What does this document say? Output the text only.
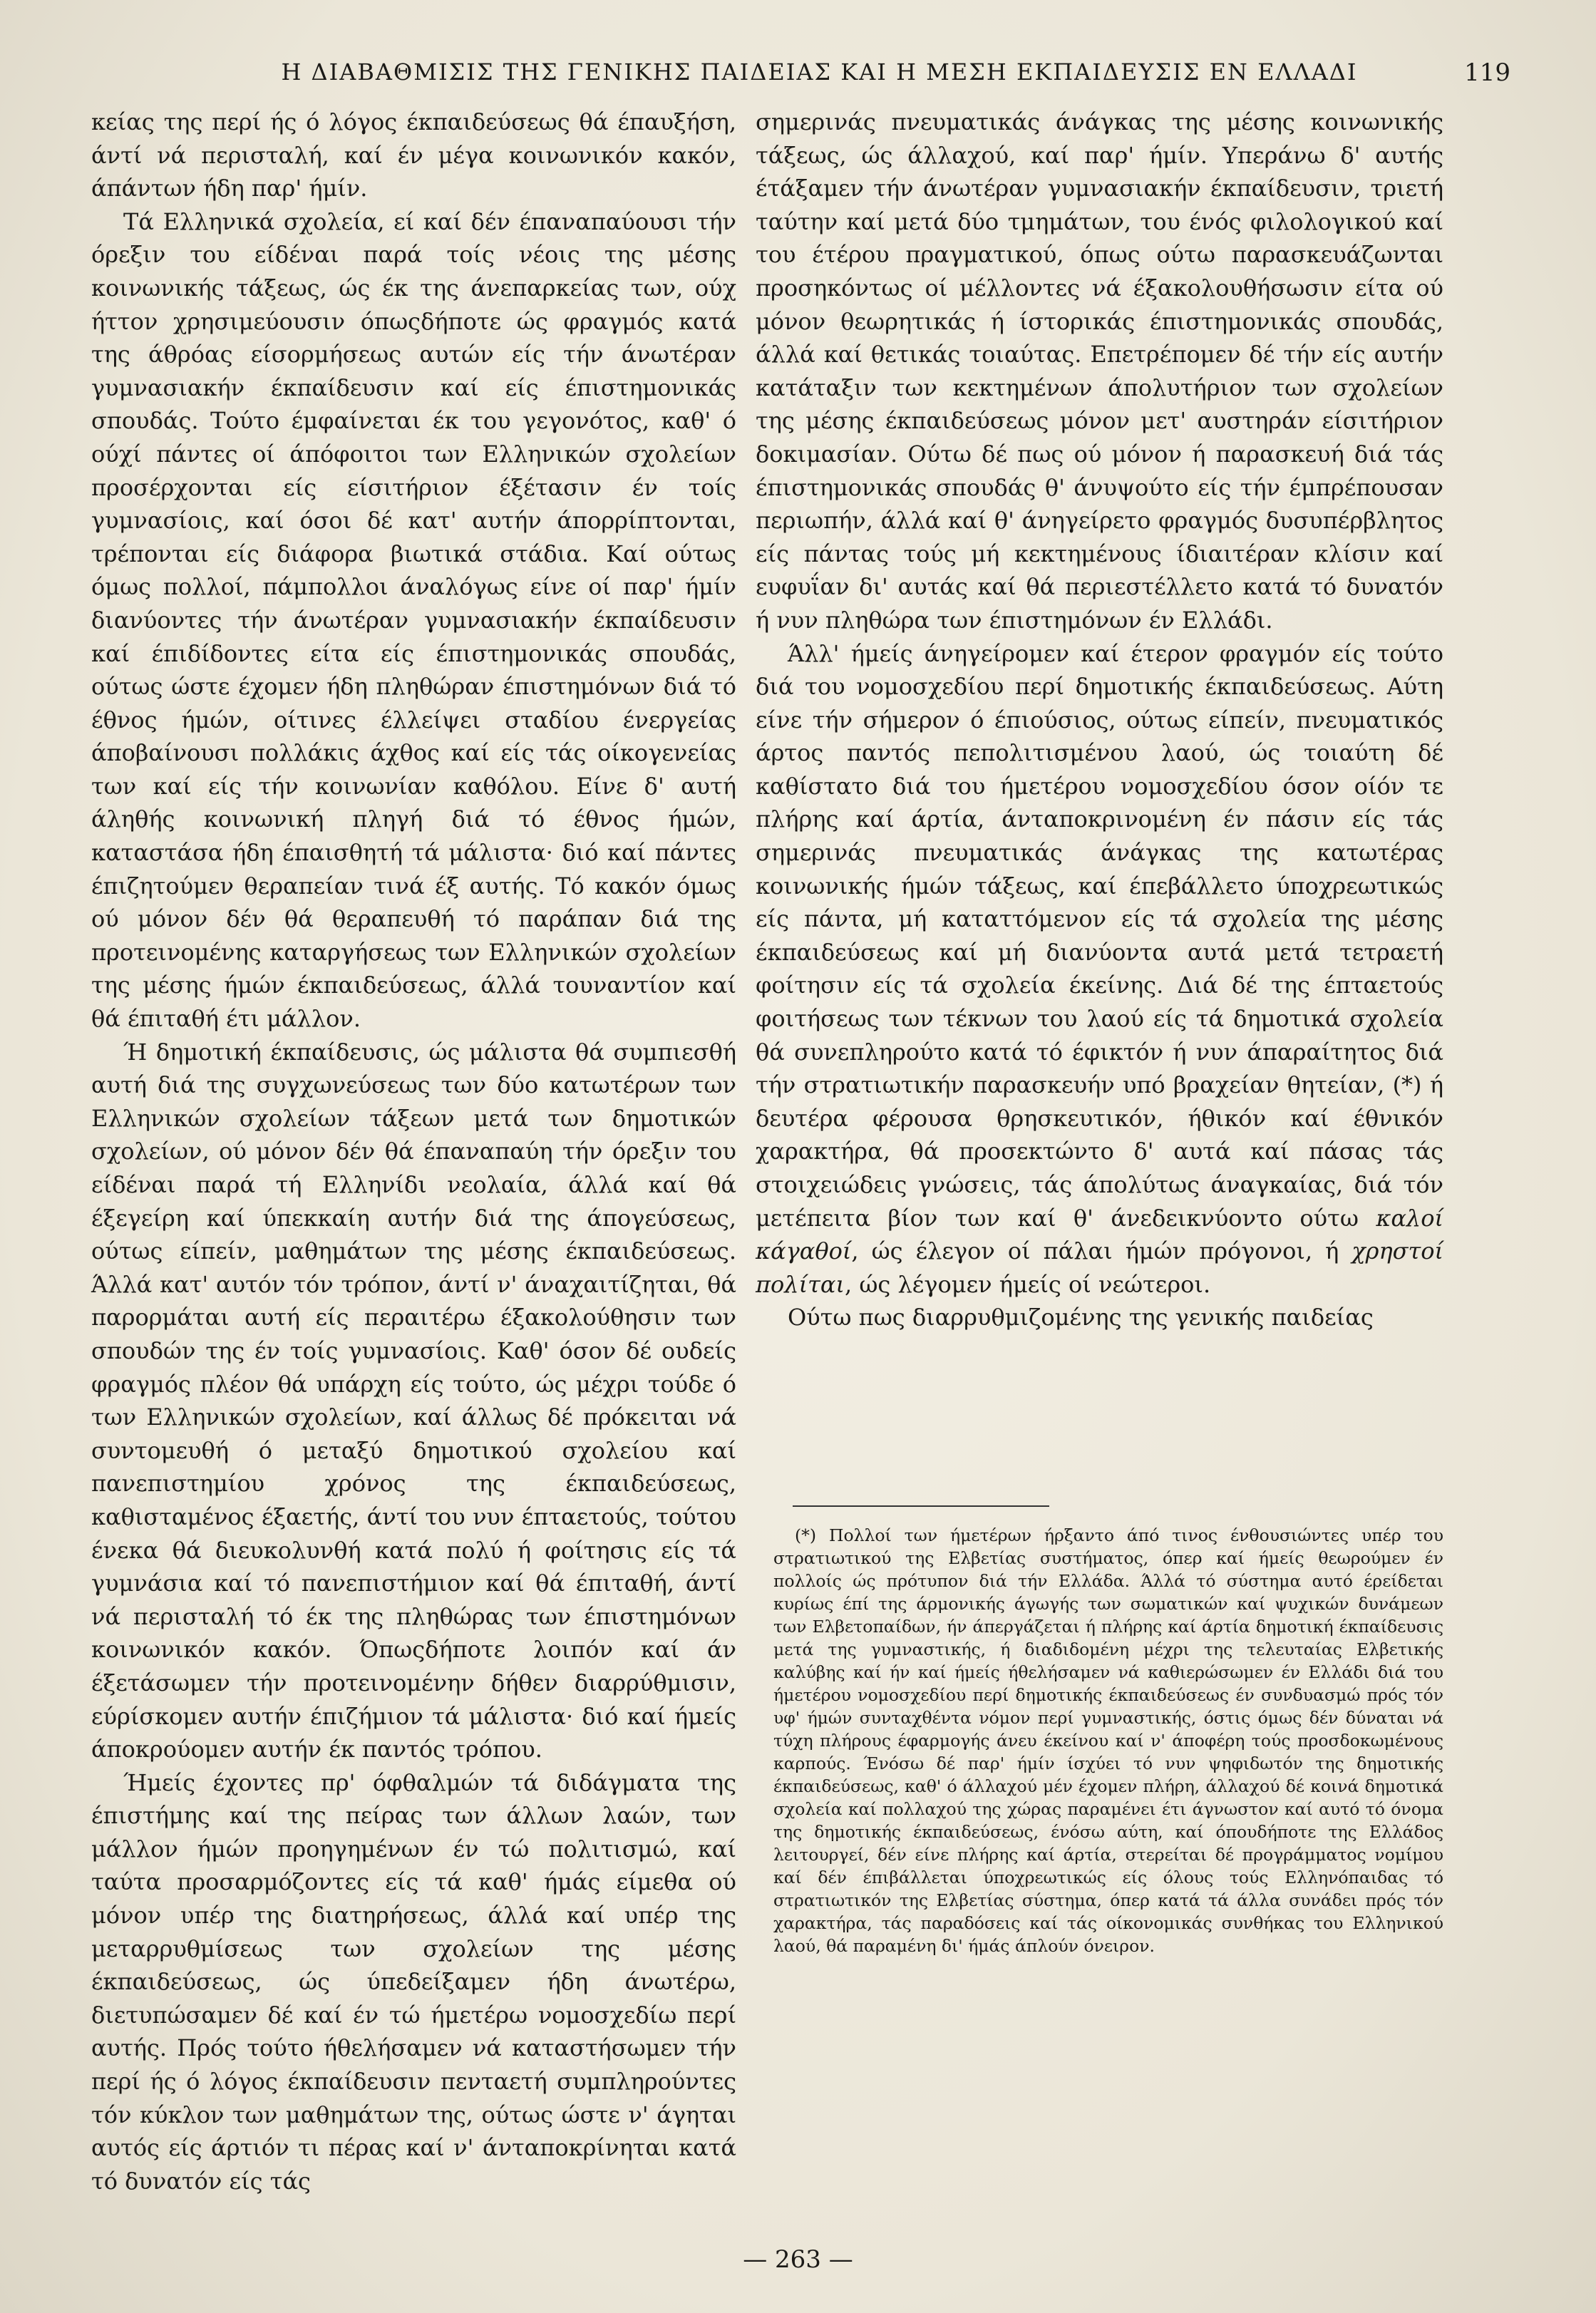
Η ΔΙΑΒΑΘΜΙΣΙΣ ΤΗΣ ΓΕΝΙΚΗΣ ΠΑΙΔΕΙΑΣ ΚΑΙ Η ΜΕΣΗ ΕΚΠΑΙΔΕΥΣΙΣ ΕΝ ΕΛΛΑΔΙ	119

κείας της περί ής ό λόγος έκπαιδεύσεως θά έπαυξήση, άντί νά περισταλή, καί έν μέγα κοινωνικόν κακόν, άπάντων ήδη παρ' ήμίν.

Τά Ελληνικά σχολεία, εί καί δέν έπαναπαύουσι τήν όρεξιν του είδέναι παρά τοίς νέοις της μέσης κοινωνικής τάξεως, ώς έκ της άνεπαρκείας των, ούχ ήττον χρησιμεύουσιν όπωςδήποτε ώς φραγμός κατά της άθρόας είσορμήσεως αυτών είς τήν άνωτέραν γυμνασιακήν έκπαίδευσιν καί είς έπιστημονικάς σπουδάς. Τούτο έμφαίνεται έκ του γεγονότος, καθ' ό ούχί πάντες οί άπόφοιτοι των Ελληνικών σχολείων προσέρχονται είς είσιτήριον έξέτασιν έν τοίς γυμνασίοις, καί όσοι δέ κατ' αυτήν άπορρίπτονται, τρέπονται είς διάφορα βιωτικά στάδια. Καί ούτως όμως πολλοί, πάμπολλοι άναλόγως είνε οί παρ' ήμίν διανύοντες τήν άνωτέραν γυμνασιακήν έκπαίδευσιν καί έπιδίδοντες είτα είς έπιστημονικάς σπουδάς, ούτως ώστε έχομεν ήδη πληθώραν έπιστημόνων διά τό έθνος ήμών, οίτινες έλλείψει σταδίου ένεργείας άποβαίνουσι πολλάκις άχθος καί είς τάς οίκογενείας των καί είς τήν κοινωνίαν καθόλου. Είνε δ' αυτή άληθής κοινωνική πληγή διά τό έθνος ήμών, καταστάσα ήδη έπαισθητή τά μάλιστα· διό καί πάντες έπιζητούμεν θεραπείαν τινά έξ αυτής. Τό κακόν όμως ού μόνον δέν θά θεραπευθή τό παράπαν διά της προτεινομένης καταργήσεως των Ελληνικών σχολείων της μέσης ήμών έκπαιδεύσεως, άλλά τουναντίον καί θά έπιταθή έτι μάλλον.

Ή δημοτική έκπαίδευσις, ώς μάλιστα θά συμπιεσθή αυτή διά της συγχωνεύσεως των δύο κατωτέρων των Ελληνικών σχολείων τάξεων μετά των δημοτικών σχολείων, ού μόνον δέν θά έπαναπαύη τήν όρεξιν του είδέναι παρά τή Ελληνίδι νεολαία, άλλά καί θά έξεγείρη καί ύπεκκαίη αυτήν διά της άπογεύσεως, ούτως είπείν, μαθημάτων της μέσης έκπαιδεύσεως. Άλλά κατ' αυτόν τόν τρόπον, άντί ν' άναχαιτίζηται, θά παρορμάται αυτή είς περαιτέρω έξακολούθησιν των σπουδών της έν τοίς γυμνασίοις. Καθ' όσον δέ ουδείς φραγμός πλέον θά υπάρχη είς τούτο, ώς μέχρι τούδε ό των Ελληνικών σχολείων, καί άλλως δέ πρόκειται νά συντομευθή ό μεταξύ δημοτικού σχολείου καί πανεπιστημίου χρόνος της έκπαιδεύσεως, καθισταμένος έξαετής, άντί του νυν έπταετούς, τούτου ένεκα θά διευκολυνθή κατά πολύ ή φοίτησις είς τά γυμνάσια καί τό πανεπιστήμιον καί θά έπιταθή, άντί νά περισταλή τό έκ της πληθώρας των έπιστημόνων κοινωνικόν κακόν. Όπωςδήποτε λοιπόν καί άν έξετάσωμεν τήν προτεινομένην δήθεν διαρρύθμισιν, εύρίσκομεν αυτήν έπιζήμιον τά μάλιστα· διό καί ήμείς άποκρούομεν αυτήν έκ παντός τρόπου.

Ήμείς έχοντες πρ' όφθαλμών τά διδάγματα της έπιστήμης καί της πείρας των άλλων λαών, των μάλλον ήμών προηγημένων έν τώ πολιτισμώ, καί ταύτα προσαρμόζοντες είς τά καθ' ήμάς είμεθα ού μόνον υπέρ της διατηρήσεως, άλλά καί υπέρ της μεταρρυθμίσεως των σχολείων της μέσης έκπαιδεύσεως, ώς ύπεδείξαμεν ήδη άνωτέρω, διετυπώσαμεν δέ καί έν τώ ήμετέρω νομοσχεδίω περί αυτής. Πρός τούτο ήθελήσαμεν νά καταστήσωμεν τήν περί ής ό λόγος έκπαίδευσιν πενταετή συμπληρούντες τόν κύκλον των μαθημάτων της, ούτως ώστε ν' άγηται αυτός είς άρτιόν τι πέρας καί ν' άνταποκρίνηται κατά τό δυνατόν είς τάς

σημερινάς πνευματικάς άνάγκας της μέσης κοινωνικής τάξεως, ώς άλλαχού, καί παρ' ήμίν. Υπεράνω δ' αυτής έτάξαμεν τήν άνωτέραν γυμνασιακήν έκπαίδευσιν, τριετή ταύτην καί μετά δύο τμημάτων, του ένός φιλολογικού καί του έτέρου πραγματικού, όπως ούτω παρασκευάζωνται προσηκόντως οί μέλλοντες νά έξακολουθήσωσιν είτα ού μόνον θεωρητικάς ή ίστορικάς έπιστημονικάς σπουδάς, άλλά καί θετικάς τοιαύτας. Επετρέπομεν δέ τήν είς αυτήν κατάταξιν των κεκτημένων άπολυτήριον των σχολείων της μέσης έκπαιδεύσεως μόνον μετ' αυστηράν είσιτήριον δοκιμασίαν. Ούτω δέ πως ού μόνον ή παρασκευή διά τάς έπιστημονικάς σπουδάς θ' άνυψούτο είς τήν έμπρέπουσαν περιωπήν, άλλά καί θ' άνηγείρετο φραγμός δυσυπέρβλητος είς πάντας τούς μή κεκτημένους ίδιαιτέραν κλίσιν καί ευφυΐαν δι' αυτάς καί θά περιεστέλλετο κατά τό δυνατόν ή νυν πληθώρα των έπιστημόνων έν Ελλάδι.

Άλλ' ήμείς άνηγείρομεν καί έτερον φραγμόν είς τούτο διά του νομοσχεδίου περί δημοτικής έκπαιδεύσεως. Αύτη είνε τήν σήμερον ό έπιούσιος, ούτως είπείν, πνευματικός άρτος παντός πεπολιτισμένου λαού, ώς τοιαύτη δέ καθίστατο διά του ήμετέρου νομοσχεδίου όσον οίόν τε πλήρης καί άρτία, άνταποκρινομένη έν πάσιν είς τάς σημερινάς πνευματικάς άνάγκας της κατωτέρας κοινωνικής ήμών τάξεως, καί έπεβάλλετο ύποχρεωτικώς είς πάντα, μή καταττόμενον είς τά σχολεία της μέσης έκπαιδεύσεως καί μή διανύοντα αυτά μετά τετραετή φοίτησιν είς τά σχολεία έκείνης. Διά δέ της έπταετούς φοιτήσεως των τέκνων του λαού είς τά δημοτικά σχολεία θά συνεπληρούτο κατά τό έφικτόν ή νυν άπαραίτητος διά τήν στρατιωτικήν παρασκευήν υπό βραχείαν θητείαν, (*) ή δευτέρα φέρουσα θρησκευτικόν, ήθικόν καί έθνικόν χαρακτήρα, θά προσεκτώντο δ' αυτά καί πάσας τάς στοιχειώδεις γνώσεις, τάς άπολύτως άναγκαίας, διά τόν μετέπειτα βίον των καί θ' άνεδεικνύοντο ούτω καλοί κάγαθοί, ώς έλεγον οί πάλαι ήμών πρόγονοι, ή χρηστοί πολίται, ώς λέγομεν ήμείς οί νεώτεροι.

Ούτω πως διαρρυθμιζομένης της γενικής παιδείας

(*) Πολλοί των ήμετέρων ήρξαντο άπό τινος ένθουσιώντες υπέρ του στρατιωτικού της Ελβετίας συστήματος, όπερ καί ήμείς θεωρούμεν έν πολλοίς ώς πρότυπον διά τήν Ελλάδα. Άλλά τό σύστημα αυτό έρείδεται κυρίως έπί της άρμονικής άγωγής των σωματικών καί ψυχικών δυνάμεων των Ελβετοπαίδων, ήν άπεργάζεται ή πλήρης καί άρτία δημοτική έκπαίδευσις μετά της γυμναστικής, ή διαδιδομένη μέχρι της τελευταίας Ελβετικής καλύβης καί ήν καί ήμείς ήθελήσαμεν νά καθιερώσωμεν έν Ελλάδι διά του ήμετέρου νομοσχεδίου περί δημοτικής έκπαιδεύσεως έν συνδυασμώ πρός τόν υφ' ήμών συνταχθέντα νόμον περί γυμναστικής, όστις όμως δέν δύναται νά τύχη πλήρους έφαρμογής άνευ έκείνου καί ν' άποφέρη τούς προσδοκωμένους καρπούς. Ένόσω δέ παρ' ήμίν ίσχύει τό νυν ψηφιδωτόν της δημοτικής έκπαιδεύσεως, καθ' ό άλλαχού μέν έχομεν πλήρη, άλλαχού δέ κοινά δημοτικά σχολεία καί πολλαχού της χώρας παραμένει έτι άγνωστον καί αυτό τό όνομα της δημοτικής έκπαιδεύσεως, ένόσω αύτη, καί όπουδήποτε της Ελλάδος λειτουργεί, δέν είνε πλήρης καί άρτία, στερείται δέ προγράμματος νομίμου καί δέν έπιβάλλεται ύποχρεωτικώς είς όλους τούς Ελληνόπαιδας τό στρατιωτικόν της Ελβετίας σύστημα, όπερ κατά τά άλλα συνάδει πρός τόν χαρακτήρα, τάς παραδόσεις καί τάς οίκονομικάς συνθήκας του Ελληνικού λαού, θά παραμένη δι' ήμάς άπλούν όνειρον.

— 263 —
